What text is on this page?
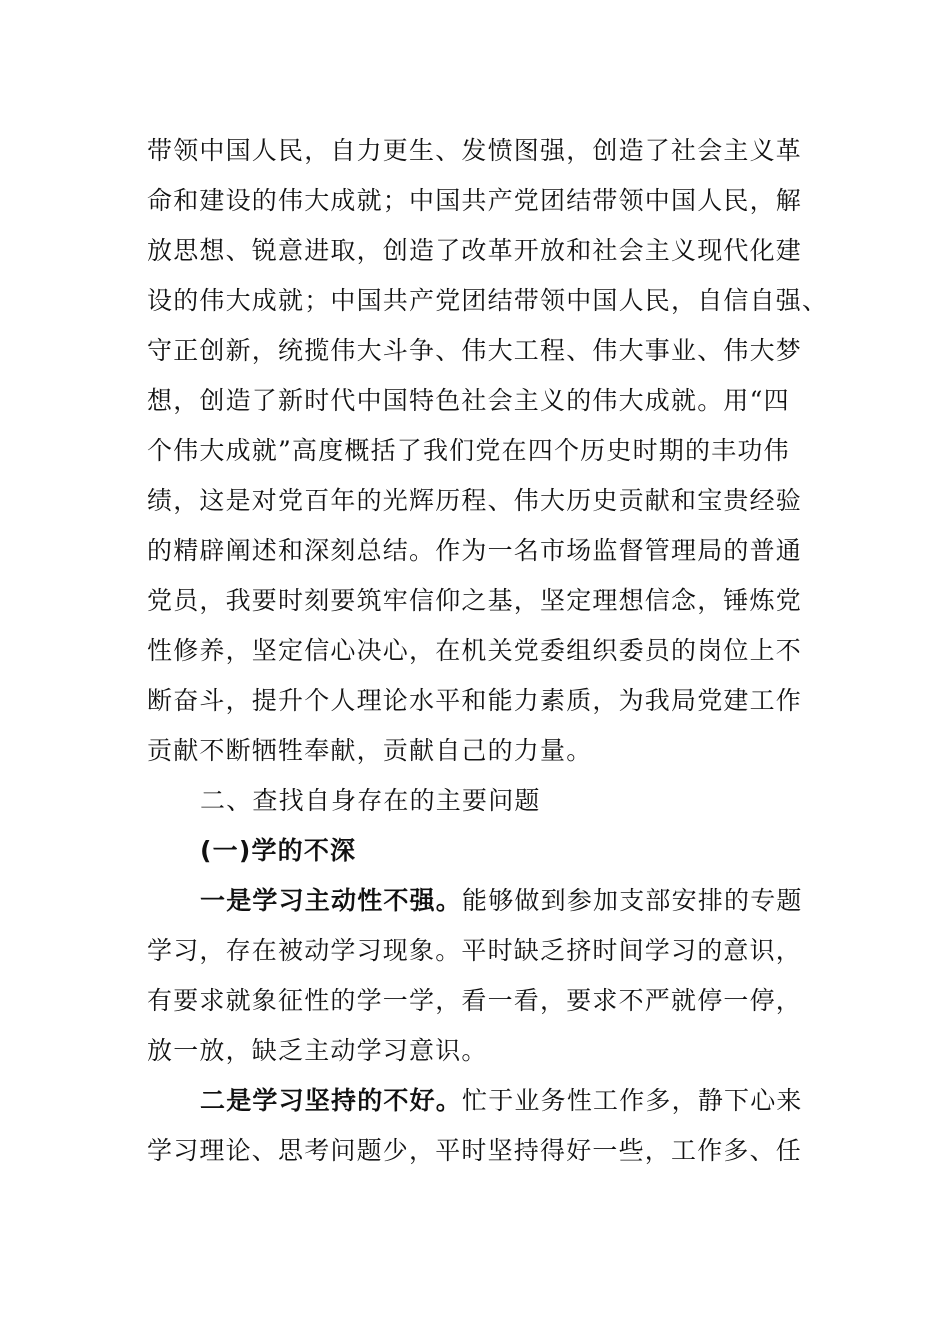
带领中国人民，自力更生、发愤图强，创造了社会主义革
命和建设的伟大成就；中国共产党团结带领中国人民，解
放思想、锐意进取，创造了改革开放和社会主义现代化建
设的伟大成就；中国共产党团结带领中国人民，自信自强、
守正创新，统揽伟大斗争、伟大工程、伟大事业、伟大梦
想，创造了新时代中国特色社会主义的伟大成就。用“四
个伟大成就”高度概括了我们党在四个历史时期的丰功伟
绩，这是对党百年的光辉历程、伟大历史贡献和宝贵经验
的精辟阐述和深刻总结。作为一名市场监督管理局的普通
党员，我要时刻要筑牢信仰之基，坚定理想信念，锤炼党
性修养，坚定信心决心，在机关党委组织委员的岗位上不
断奋斗，提升个人理论水平和能力素质，为我局党建工作
贡献不断牺牲奉献，贡献自己的力量。
二、查找自身存在的主要问题
(一)学的不深
一是学习主动性不强。能够做到参加支部安排的专题
学习，存在被动学习现象。平时缺乏挤时间学习的意识，
有要求就象征性的学一学，看一看，要求不严就停一停，
放一放，缺乏主动学习意识。
二是学习坚持的不好。忙于业务性工作多，静下心来
学习理论、思考问题少，平时坚持得好一些，工作多、任
